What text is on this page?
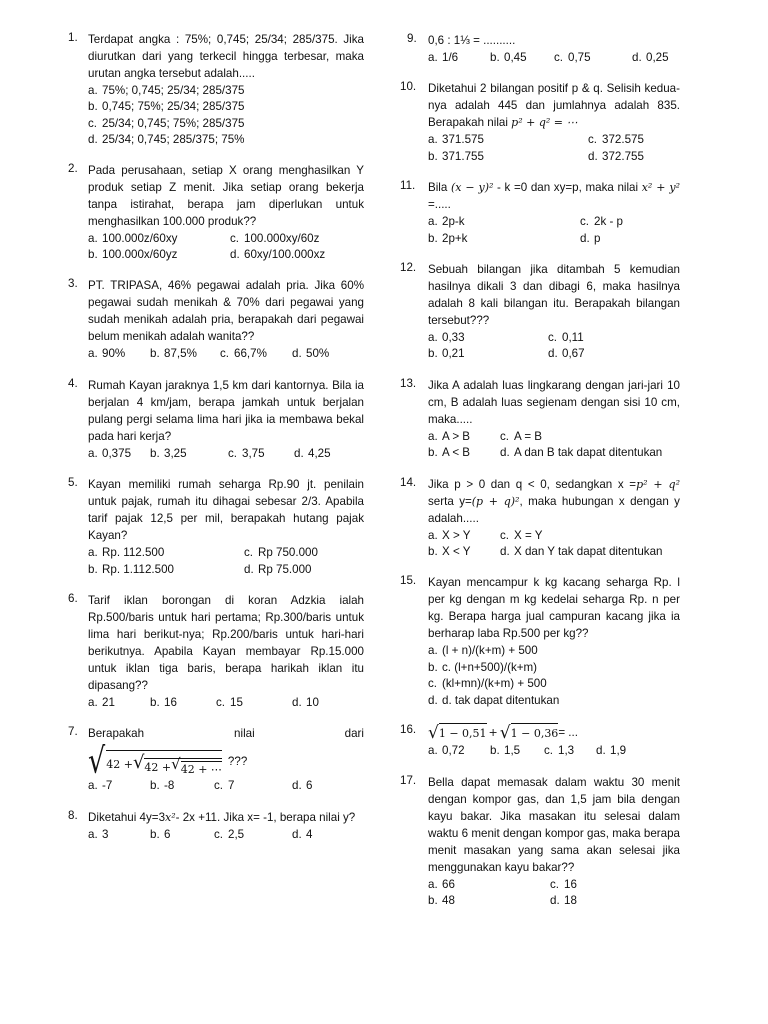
1. Terdapat angka : 75%; 0,745; 25/34; 285/375. Jika diurutkan dari yang terkecil hingga terbesar, maka urutan angka tersebut adalah.....
a. 75%; 0,745; 25/34; 285/375
b. 0,745; 75%; 25/34; 285/375
c. 25/34; 0,745; 75%; 285/375
d. 25/34; 0,745; 285/375; 75%
2. Pada perusahaan, setiap X orang menghasilkan Y produk setiap Z menit. Jika setiap orang bekerja tanpa istirahat, berapa jam diperlukan untuk menghasilkan 100.000 produk??
a. 100.000z/60xy	c. 100.000xy/60z
b. 100.000x/60yz	d. 60xy/100.000xz
3. PT. TRIPASA, 46% pegawai adalah pria. Jika 60% pegawai sudah menikah & 70% dari pegawai yang sudah menikah adalah pria, berapakah dari pegawai belum menikah adalah wanita??
a. 90%	b. 87,5%	c. 66,7%	d. 50%
4. Rumah Kayan jaraknya 1,5 km dari kantornya. Bila ia berjalan 4 km/jam, berapa jamkah untuk berjalan pulang pergi selama lima hari jika ia membawa bekal pada hari kerja?
a. 0,375	b. 3,25	c. 3,75	d. 4,25
5. Kayan memiliki rumah seharga Rp.90 jt. penilain untuk pajak, rumah itu dihagai sebesar 2/3. Apabila tarif pajak 12,5 per mil, berapakah hutang pajak Kayan?
a. Rp. 112.500	c. Rp 750.000
b. Rp. 1.112.500	d. Rp 75.000
6. Tarif iklan borongan di koran Adzkia ialah Rp.500/baris untuk hari pertama; Rp.300/baris untuk lima hari berikut-nya; Rp.200/baris untuk hari-hari berikutnya. Apabila Kayan membayar Rp.15.000 untuk iklan tiga baris, berapa harikah iklan itu dipasang??
a. 21	b. 16	c. 15	d. 10
7. Berapakah	nilai	dari
√ 42 + √ 42 + √ 42 + ⋯
???
a. -7	b. -8	c. 7	d. 6
8. Diketahui 4y=3x²- 2x +11. Jika x= -1, berapa nilai y?
a. 3	b. 6	c. 2,5	d. 4
9. 0,6 : 1⅓ = ..........
a. 1/6	b. 0,45	c. 0,75	d. 0,25
10. Diketahui 2 bilangan positif p & q. Selisih kedua-nya adalah 445 dan jumlahnya adalah 835. Berapakah nilai p² + q² = ⋯
a. 371.575	c. 372.575
b. 371.755	d. 372.755
11. Bila (x − y)² - k =0 dan xy=p, maka nilai x² + y² =.....
a. 2p-k	c. 2k - p
b. 2p+k	d. p
12. Sebuah bilangan jika ditambah 5 kemudian hasilnya dikali 3 dan dibagi 6, maka hasilnya adalah 8 kali bilangan itu. Berapakah bilangan tersebut???
a. 0,33	c. 0,11
b. 0,21	d. 0,67
13. Jika A adalah luas lingkarang dengan jari-jari 10 cm, B adalah luas segienam dengan sisi 10 cm, maka.....
a. A > B	c. A = B
b. A < B	d. A dan B tak dapat ditentukan
14. Jika p > 0 dan q < 0, sedangkan x =p² + q² serta y=(p + q)², maka hubungan x dengan y adalah.....
a. X > Y	c. X = Y
b. X < Y	d. X dan Y tak dapat ditentukan
15. Kayan mencampur k kg kacang seharga Rp. l per kg dengan m kg kedelai seharga Rp. n per kg. Berapa harga jual campuran kacang jika ia berharap laba Rp.500 per kg??
a. (l + n)/(k+m) + 500
b. c. (l+n+500)/(k+m)
c. (kl+mn)/(k+m) + 500
d. d. tak dapat ditentukan
16. √ 1 − 0,51 + √ 1 − 0,36 = ...
a. 0,72	b. 1,5	c. 1,3	d. 1,9
17. Bella dapat memasak dalam waktu 30 menit dengan kompor gas, dan 1,5 jam bila dengan kayu bakar. Jika masakan itu selesai dalam waktu 6 menit dengan kompor gas, maka berapa menit masakan yang sama akan selesai jika menggunakan kayu bakar??
a. 66	c. 16
b. 48	d. 18
